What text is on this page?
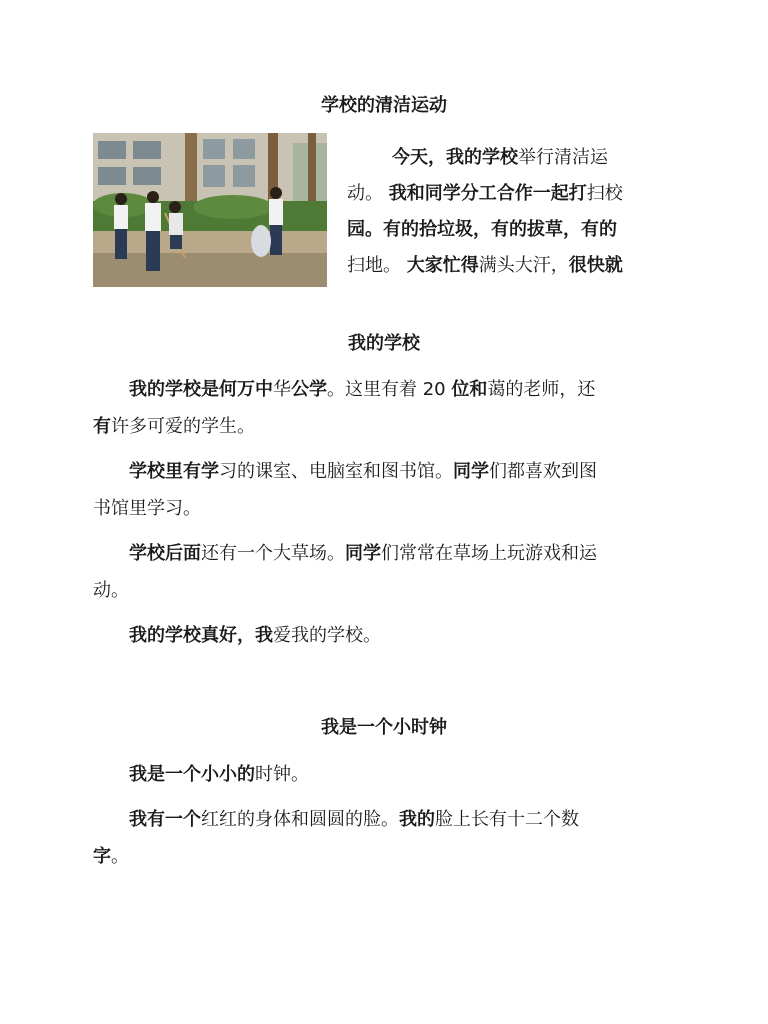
学校的清洁运动
今天，我的学校举行清洁运
动。 我和同学分工合作一起打扫校
园。有的拾垃圾，有的拔草，有的
扫地。 大家忙得满头大汗，很快就
我的学校
我的学校是何万中华公学。这里有着 20 位和蔼的老师，还
有许多可爱的学生。
学校里有学习的课室、电脑室和图书馆。同学们都喜欢到图
书馆里学习。
学校后面还有一个大草场。同学们常常在草场上玩游戏和运
动。
我的学校真好，我爱我的学校。
我是一个小时钟
我是一个小小的时钟。
我有一个红红的身体和圆圆的脸。我的脸上长有十二个数
字。
